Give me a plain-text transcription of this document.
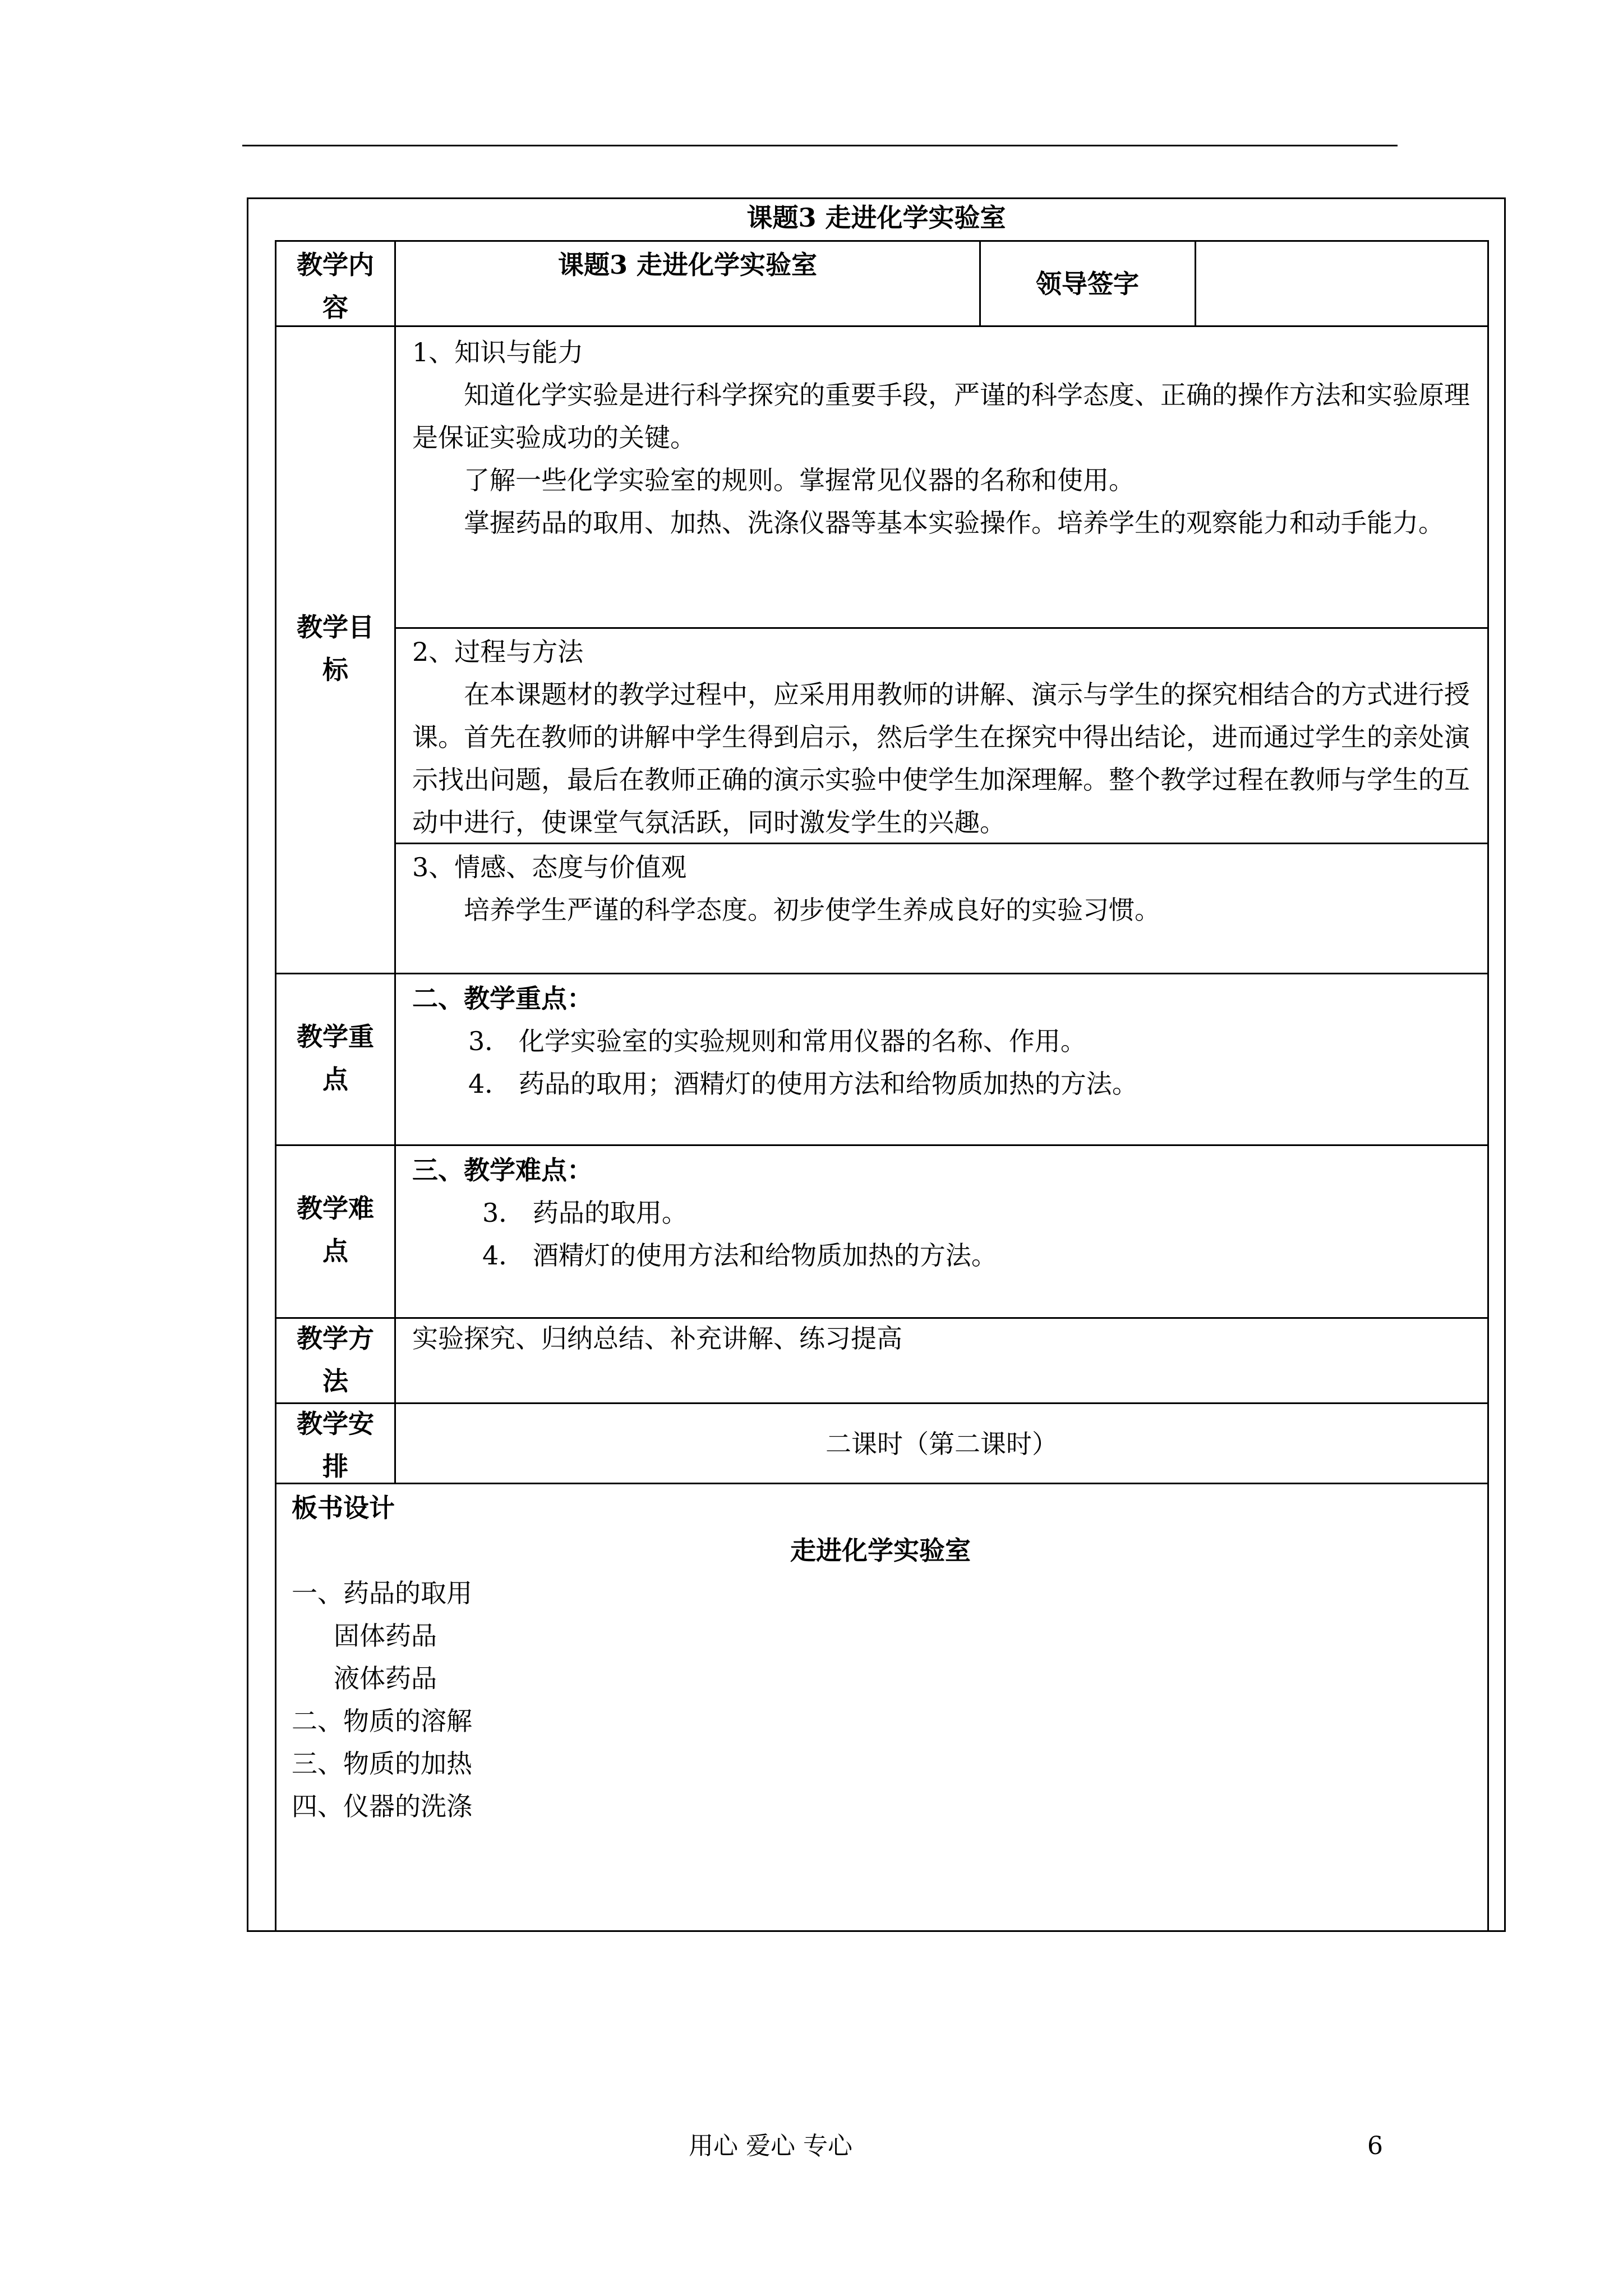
课题3 走进化学实验室
教学内
容
课题3 走进化学实验室
领导签字
教学目
标
1、知识与能力
知道化学实验是进行科学探究的重要手段，严谨的科学态度、正确的操作方法和实验原理是保证实验成功的关键。
了解一些化学实验室的规则。掌握常见仪器的名称和使用。
掌握药品的取用、加热、洗涤仪器等基本实验操作。培养学生的观察能力和动手能力。
2、过程与方法
在本课题材的教学过程中，应采用用教师的讲解、演示与学生的探究相结合的方式进行授课。首先在教师的讲解中学生得到启示，然后学生在探究中得出结论，进而通过学生的亲处演示找出问题，最后在教师正确的演示实验中使学生加深理解。整个教学过程在教师与学生的互动中进行，使课堂气氛活跃，同时激发学生的兴趣。
3、情感、态度与价值观
培养学生严谨的科学态度。初步使学生养成良好的实验习惯。
教学重
点
二、教学重点：
3． 化学实验室的实验规则和常用仪器的名称、作用。
4． 药品的取用；酒精灯的使用方法和给物质加热的方法。
教学难
点
三、教学难点：
3． 药品的取用。
4． 酒精灯的使用方法和给物质加热的方法。
教学方
法
实验探究、归纳总结、补充讲解、练习提高
教学安
排
二课时（第二课时）
板书设计
走进化学实验室
一、药品的取用
固体药品
液体药品
二、物质的溶解
三、物质的加热
四、仪器的洗涤
用心 爱心 专心	6
